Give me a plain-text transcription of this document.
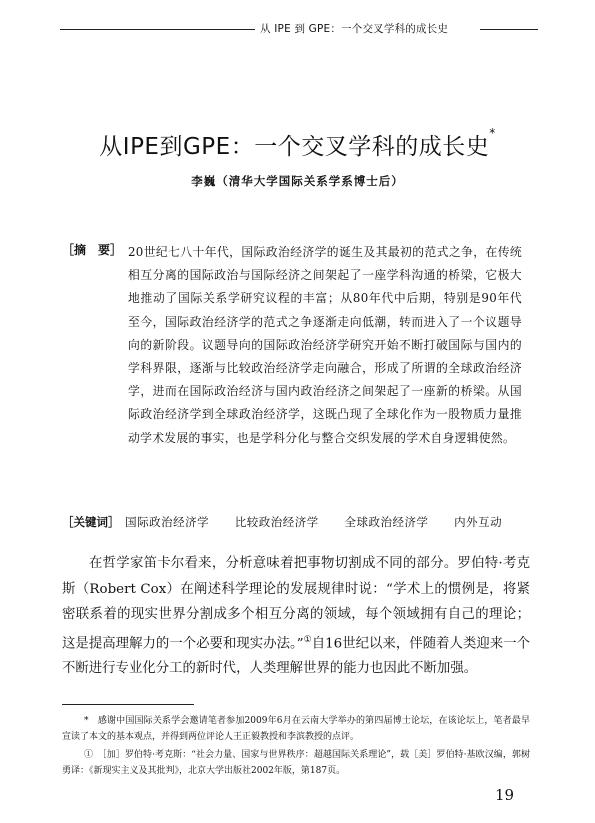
从 IPE 到 GPE：一个交叉学科的成长史
从IPE到GPE：一个交叉学科的成长史*
李巍（清华大学国际关系学系博士后）
［摘　要］ 20世纪七八十年代，国际政治经济学的诞生及其最初的范式之争，在传统相互分离的国际政治与国际经济之间架起了一座学科沟通的桥梁，它极大地推动了国际关系学研究议程的丰富；从80年代中后期，特别是90年代至今，国际政治经济学的范式之争逐渐走向低潮，转而进入了一个议题导向的新阶段。议题导向的国际政治经济学研究开始不断打破国际与国内的学科界限，逐渐与比较政治经济学走向融合，形成了所谓的全球政治经济学，进而在国际政治经济与国内政治经济之间架起了一座新的桥梁。从国际政治经济学到全球政治经济学，这既凸现了全球化作为一股物质力量推动学术发展的事实，也是学科分化与整合交织发展的学术自身逻辑使然。
［关键词］ 国际政治经济学 比较政治经济学 全球政治经济学 内外互动
在哲学家笛卡尔看来，分析意味着把事物切割成不同的部分。罗伯特·考克斯（Robert Cox）在阐述科学理论的发展规律时说：“学术上的惯例是，将紧密联系着的现实世界分割成多个相互分离的领域，每个领域拥有自己的理论；这是提高理解力的一个必要和现实办法。”①自16世纪以来，伴随着人类迎来一个不断进行专业化分工的新时代，人类理解世界的能力也因此不断加强。

*　 感谢中国国际关系学会邀请笔者参加2009年6月在云南大学举办的第四届博士论坛，在该论坛上，笔者最早宣读了本文的基本观点，并得到两位评论人王正毅教授和李滨教授的点评。

①　 ［加］罗伯特·考克斯：“社会力量、国家与世界秩序：超越国际关系理论”，载［美］罗伯特·基欧汉编，郭树勇译：《新现实主义及其批判》，北京大学出版社2002年版，第187页。

19
